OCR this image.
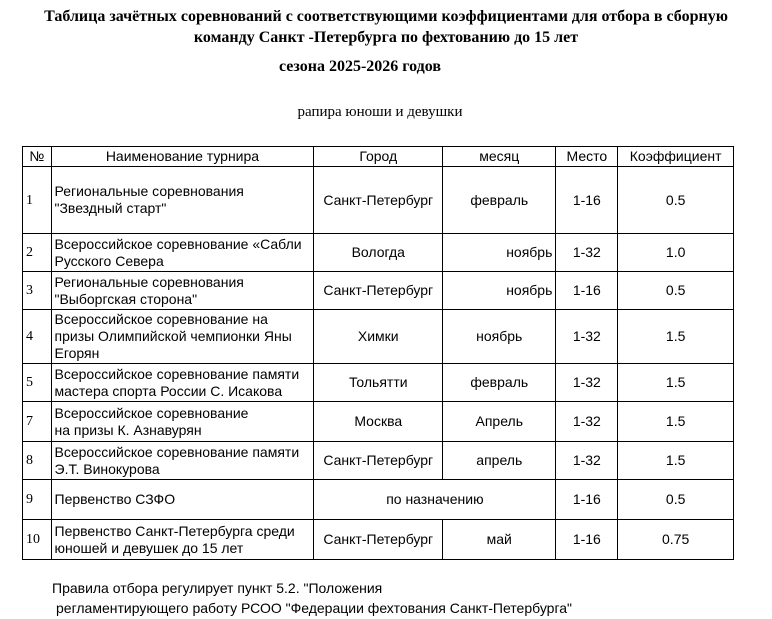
Таблица зачётных соревнований с соответствующими коэффициентами для отбора в сборную
команду Санкт -Петербурга по фехтованию до 15 лет
сезона 2025-2026 годов
рапира юноши и девушки
№	Наименование турнира	Город	месяц	Место	Коэффициент
1	Региональные соревнования "Звездный старт"	Санкт-Петербург	февраль	1-16	0.5
2	Всероссийское соревнование «Сабли Русского Севера	Вологда	ноябрь	1-32	1.0
3	Региональные соревнования "Выборгская сторона"	Санкт-Петербург	ноябрь	1-16	0.5
4	Всероссийское соревнование на призы Олимпийской чемпионки Яны Егорян	Химки	ноябрь	1-32	1.5
5	Всероссийское соревнование памяти мастера спорта России С. Исакова	Тольятти	февраль	1-32	1.5
7	Всероссийское соревнование на призы К. Азнавурян	Москва	Апрель	1-32	1.5
8	Всероссийское соревнование памяти Э.Т. Винокурова	Санкт-Петербург	апрель	1-32	1.5
9	Первенство СЗФО	по назначению		1-16	0.5
10	Первенство Санкт-Петербурга среди юношей и девушек до 15 лет	Санкт-Петербург	май	1-16	0.75
Правила отбора регулирует пункт 5.2. "Положения
регламентирующего работу РСОО "Федерации фехтования Санкт-Петербурга"
